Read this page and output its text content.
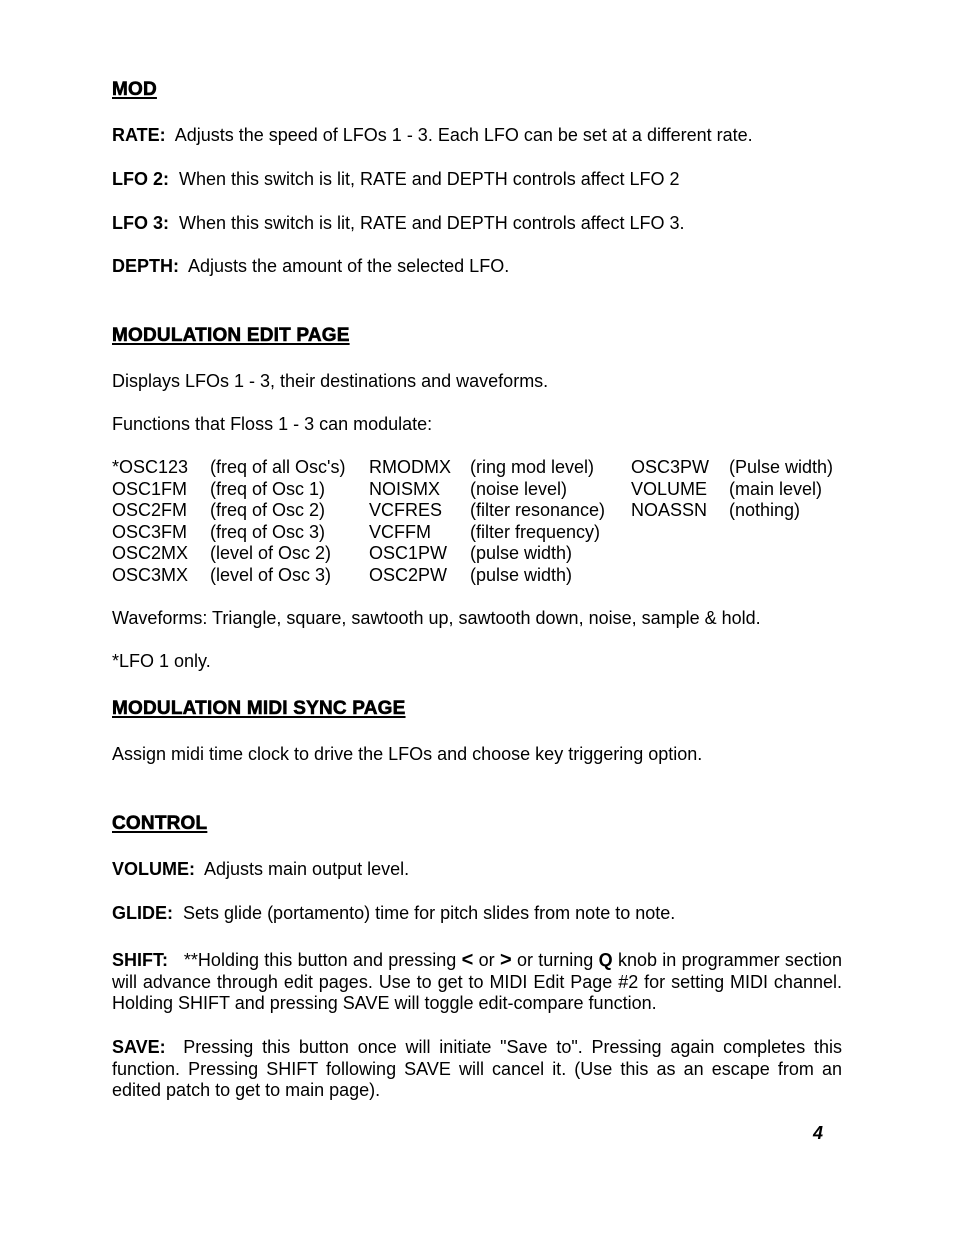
MOD

RATE: Adjusts the speed of LFOs 1 - 3. Each LFO can be set at a different rate.

LFO 2: When this switch is lit, RATE and DEPTH controls affect LFO 2

LFO 3: When this switch is lit, RATE and DEPTH controls affect LFO 3.

DEPTH: Adjusts the amount of the selected LFO.

MODULATION EDIT PAGE

Displays LFOs 1 - 3, their destinations and waveforms.

Functions that Floss 1 - 3 can modulate:

*OSC123 (freq of all Osc's) RMODMX (ring mod level) OSC3PW (Pulse width)
OSC1FM (freq of Osc 1) NOISMX (noise level)	VOLUME (main level)
OSC2FM (freq of Osc 2) VCFRES (filter resonance) NOASSN (nothing)
OSC3FM (freq of Osc 3) VCFFM (filter frequency)
OSC2MX (level of Osc 2) OSC1PW (pulse width)
OSC3MX (level of Osc 3) OSC2PW (pulse width)

Waveforms: Triangle, square, sawtooth up, sawtooth down, noise, sample & hold.

*LFO 1 only.

MODULATION MIDI SYNC PAGE

Assign midi time clock to drive the LFOs and choose key triggering option.

CONTROL

VOLUME: Adjusts main output level.

GLIDE: Sets glide (portamento) time for pitch slides from note to note.

SHIFT: **Holding this button and pressing < or > or turning Q knob in programmer section will advance through edit pages. Use to get to MIDI Edit Page #2 for setting MIDI channel. Holding SHIFT and pressing SAVE will toggle edit-compare function.

SAVE: Pressing this button once will initiate "Save to". Pressing again completes this function. Pressing SHIFT following SAVE will cancel it. (Use this as an escape from an edited patch to get to main page).

4
